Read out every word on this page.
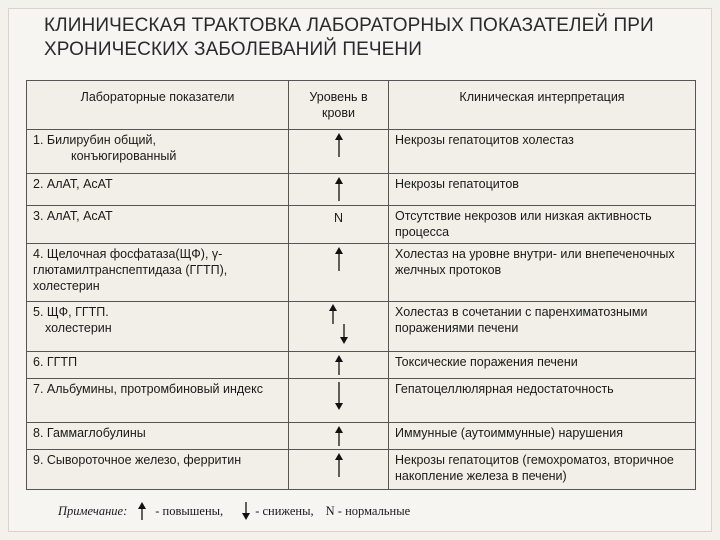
КЛИНИЧЕСКАЯ ТРАКТОВКА ЛАБОРАТОРНЫХ ПОКАЗАТЕЛЕЙ ПРИ ХРОНИЧЕСКИХ ЗАБОЛЕВАНИЙ ПЕЧЕНИ
Лабораторные показатели	Уровень в крови	Клиническая интерпретация
1. Билирубин общий,
конъюгированный		Некрозы гепатоцитов холестаз
2. АлАТ, АсАТ		Некрозы гепатоцитов
3. АлАТ, АсАТ	N	Отсутствие некрозов или низкая активность процесса
4. Щелочная фосфатаза(ЩФ), γ-глютамилтранспептидаза (ГГТП), холестерин		Холестаз на уровне внутри- или внепеченочных желчных протоков
5. ЩФ, ГГТП.
холестерин		Холестаз в сочетании с паренхиматозными поражениями печени
6. ГГТП		Токсические поражения печени
7. Альбумины, протромбиновый индекс		Гепатоцеллюлярная недостаточность
8. Гаммаглобулины		Иммунные (аутоиммунные) нарушения
9. Сывороточное железо, ферритин		Некрозы гепатоцитов (гемохроматоз, вторичное накопление железа в печени)
Примечание: - повышены,	- снижены, N - нормальные
